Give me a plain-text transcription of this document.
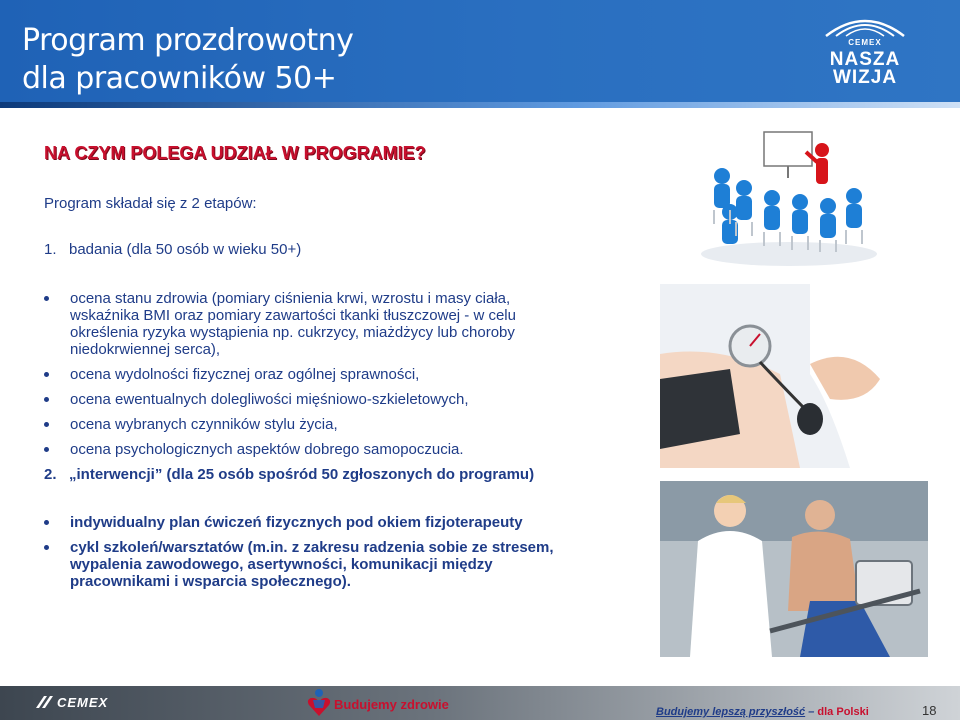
Program prozdrowotny
dla pracowników 50+
CEMEX
NASZA
WIZJA
NA CZYM POLEGA UDZIAŁ W PROGRAMIE?
Program składał się z 2 etapów:
1. badania (dla 50 osób w wieku 50+)
ocena stanu zdrowia (pomiary ciśnienia krwi, wzrostu i masy ciała,
wskaźnika BMI oraz pomiary zawartości tkanki tłuszczowej - w celu
określenia ryzyka wystąpienia np. cukrzycy, miażdżycy lub choroby
niedokrwiennej serca),
ocena wydolności fizycznej oraz ogólnej sprawności,
ocena ewentualnych dolegliwości mięśniowo-szkieletowych,
ocena wybranych czynników stylu życia,
ocena psychologicznych aspektów dobrego samopoczucia.
2. „interwencji” (dla 25 osób spośród 50 zgłoszonych do programu)
indywidualny plan ćwiczeń fizycznych pod okiem fizjoterapeuty
cykl szkoleń/warsztatów (m.in. z zakresu radzenia sobie ze stresem,
wypalenia zawodowego, asertywności, komunikacji między
pracownikami i wsparcia społecznego).
CEMEX	Budujemy zdrowie	Budujemy lepszą przyszłość – dla Polski	18
